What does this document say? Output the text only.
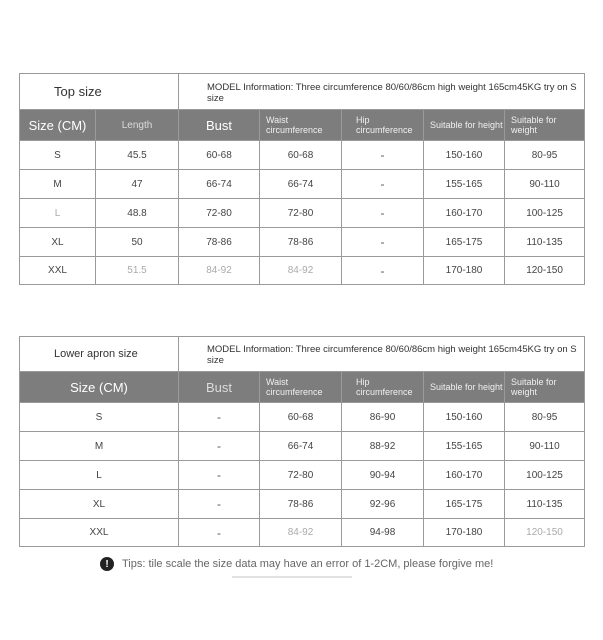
Top size		MODEL Information: Three circumference 80/60/86cm high weight 165cm45KG try on S size				
Size (CM)	Length	Bust	Waist circumference	Hip circumference	Suitable for height	Suitable for weight
S	45.5	60-68	60-68	-	150-160	80-95
M	47	66-74	66-74	-	155-165	90-110
L	48.8	72-80	72-80	-	160-170	100-125
XL	50	78-86	78-86	-	165-175	110-135
XXL	51.5	84-92	84-92	-	170-180	120-150
Lower apron size	MODEL Information: Three circumference 80/60/86cm high weight 165cm45KG try on S size				
Size (CM)	Bust	Waist circumference	Hip circumference	Suitable for height	Suitable for weight
S	-	60-68	86-90	150-160	80-95
M	-	66-74	88-92	155-165	90-110
L	-	72-80	90-94	160-170	100-125
XL	-	78-86	92-96	165-175	110-135
XXL	-	84-92	94-98	170-180	120-150
!	Tips: tile scale the size data may have an error of 1-2CM, please forgive me!
